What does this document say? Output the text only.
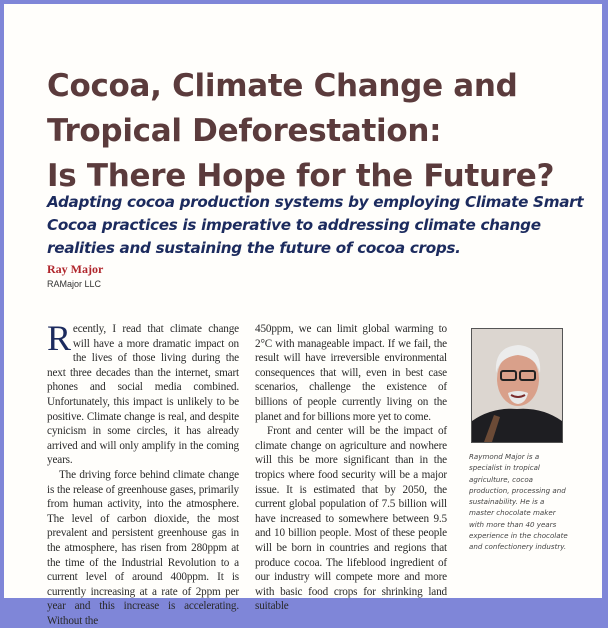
Cocoa, Climate Change and
Tropical Deforestation:
Is There Hope for the Future?
Adapting cocoa production systems by employing Climate Smart Cocoa practices is imperative to addressing climate change realities and sustaining the future of cocoa crops.
Ray Major
RAMajor LLC

Recently, I read that climate change will have a more dramatic impact on the lives of those living during the next three decades than the internet, smart phones and social media combined. Unfortunately, this impact is unlikely to be positive. Climate change is real, and despite cynicism in some circles, it has already arrived and will only amplify in the coming years.

The driving force behind climate change is the release of greenhouse gases, primarily from human activity, into the atmosphere. The level of carbon dioxide, the most prevalent and persistent greenhouse gas in the atmosphere, has risen from 280ppm at the time of the Industrial Revolution to a current level of around 400ppm. It is currently increasing at a rate of 2ppm per year and this increase is accelerating. Without the

450ppm, we can limit global warming to 2°C with manageable impact. If we fail, the result will have irreversible environmental consequences that will, even in best case scenarios, challenge the existence of billions of people currently living on the planet and for billions more yet to come.

Front and center will be the impact of climate change on agriculture and nowhere will this be more significant than in the tropics where food security will be a major issue. It is estimated that by 2050, the current global population of 7.5 billion will have increased to somewhere between 9.5 and 10 billion people. Most of these people will be born in countries and regions that produce cocoa. The lifeblood ingredient of our industry will compete more and more with basic food crops for shrinking land suitable

Raymond Major is a specialist in tropical agriculture, cocoa production, processing and sustainability. He is a master chocolate maker with more than 40 years experience in the chocolate and confectionery industry.
